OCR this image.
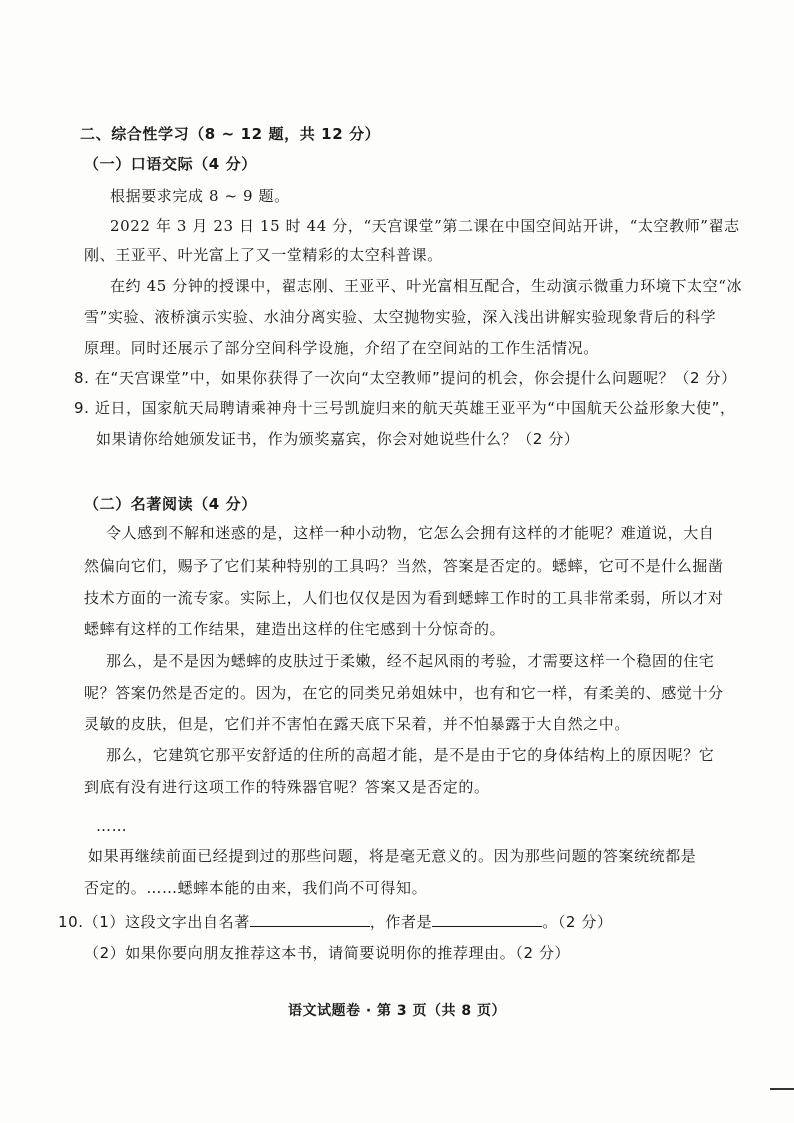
二、综合性学习（8 ~ 12 题，共 12 分）
（一）口语交际（4 分）
根据要求完成 8 ~ 9 题。
2022 年 3 月 23 日 15 时 44 分，“天宫课堂”第二课在中国空间站开讲，“太空教师”翟志
刚、王亚平、叶光富上了又一堂精彩的太空科普课。
在约 45 分钟的授课中，翟志刚、王亚平、叶光富相互配合，生动演示微重力环境下太空“冰
雪”实验、液桥演示实验、水油分离实验、太空抛物实验，深入浅出讲解实验现象背后的科学
原理。同时还展示了部分空间科学设施，介绍了在空间站的工作生活情况。
8. 在“天宫课堂”中，如果你获得了一次向“太空教师”提问的机会，你会提什么问题呢？（2 分）
9. 近日，国家航天局聘请乘神舟十三号凯旋归来的航天英雄王亚平为“中国航天公益形象大使”，
如果请你给她颁发证书，作为颁奖嘉宾，你会对她说些什么？（2 分）
（二）名著阅读（4 分）
令人感到不解和迷惑的是，这样一种小动物，它怎么会拥有这样的才能呢？难道说，大自
然偏向它们，赐予了它们某种特别的工具吗？当然，答案是否定的。蟋蟀，它可不是什么掘凿
技术方面的一流专家。实际上，人们也仅仅是因为看到蟋蟀工作时的工具非常柔弱，所以才对
蟋蟀有这样的工作结果，建造出这样的住宅感到十分惊奇的。
那么，是不是因为蟋蟀的皮肤过于柔嫩，经不起风雨的考验，才需要这样一个稳固的住宅
呢？答案仍然是否定的。因为，在它的同类兄弟姐妹中，也有和它一样，有柔美的、感觉十分
灵敏的皮肤，但是，它们并不害怕在露天底下呆着，并不怕暴露于大自然之中。
那么，它建筑它那平安舒适的住所的高超才能，是不是由于它的身体结构上的原因呢？它
到底有没有进行这项工作的特殊器官呢？答案又是否定的。
……
如果再继续前面已经提到过的那些问题，将是毫无意义的。因为那些问题的答案统统都是
否定的。……蟋蟀本能的由来，我们尚不可得知。
10.（1）这段文字出自名著	，作者是	。（2 分）
（2）如果你要向朋友推荐这本书，请简要说明你的推荐理由。（2 分）
语文试题卷 · 第 3 页（共 8 页）
